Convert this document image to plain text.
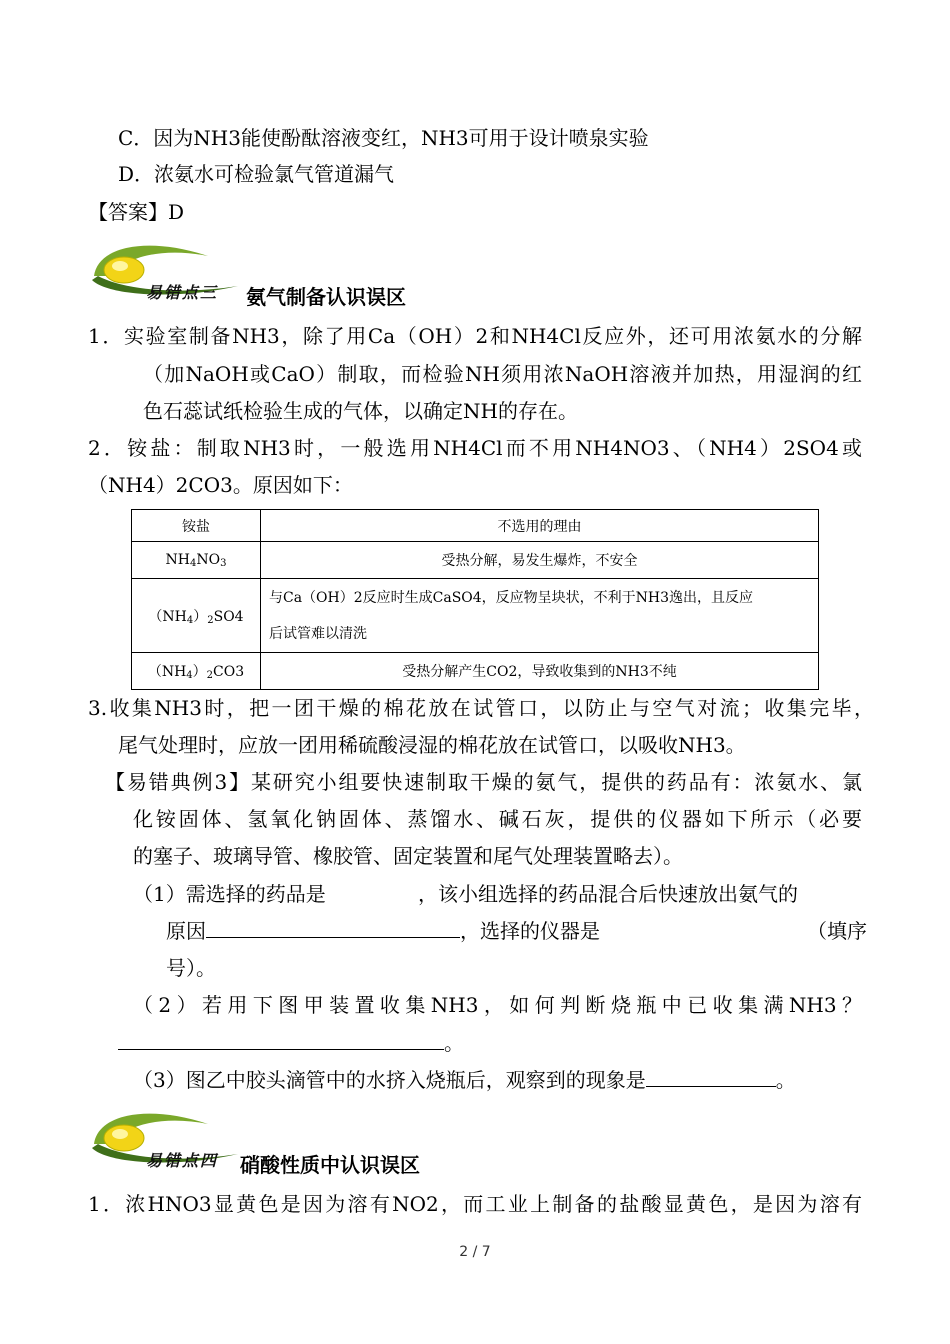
C．因为NH3能使酚酞溶液变红，NH3可用于设计喷泉实验
D．浓氨水可检验氯气管道漏气
【答案】D
易错点三 氨气制备认识误区
1．实验室制备NH3，除了用Ca（OH）2和NH4Cl反应外，还可用浓氨水的分解
（加NaOH或CaO）制取，而检验NH须用浓NaOH溶液并加热，用湿润的红
色石蕊试纸检验生成的气体，以确定NH的存在。
2．铵盐：制取NH3时，一般选用NH4Cl而不用NH4NO3、（NH4）2SO4或
（NH4）2CO3。原因如下：
铵盐	不选用的理由
$NH_4NO_3$	受热分解，易发生爆炸，不安全
$(NH_4)_2SO4$	与Ca（OH）2反应时生成CaSO4，反应物呈块状，不利于NH3逸出，且反应
后试管难以清洗

$(NH_4)_2CO3$	受热分解产生CO2，导致收集到的NH3不纯
3.收集NH3时，把一团干燥的棉花放在试管口，以防止与空气对流；收集完毕，
尾气处理时，应放一团用稀硫酸浸湿的棉花放在试管口，以吸收NH3。
【易错典例3】某研究小组要快速制取干燥的氨气，提供的药品有：浓氨水、氯
化铵固体、氢氧化钠固体、蒸馏水、碱石灰，提供的仪器如下所示（必要
的塞子、玻璃导管、橡胶管、固定装置和尾气处理装置略去）。
（1）需选择的药品是	，该小组选择的药品混合后快速放出氨气的
原因	，选择的仪器是	（填序
号）。
（2）若用下图甲装置收集NH3，如何判断烧瓶中已收集满NH3？
。
（3）图乙中胶头滴管中的水挤入烧瓶后，观察到的现象是	。
易错点四 硝酸性质中认识误区
1．浓HNO3显黄色是因为溶有NO2，而工业上制备的盐酸显黄色，是因为溶有
2 / 7
